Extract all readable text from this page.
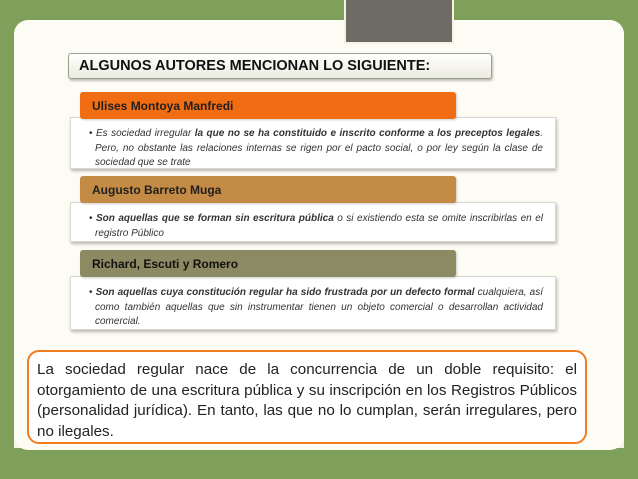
ALGUNOS AUTORES MENCIONAN LO SIGUIENTE:

• Es sociedad irregular la que no se ha constituido e inscrito conforme a los preceptos legales. Pero, no obstante las relaciones internas se rigen por el pacto social, o por ley según la clase de sociedad que se trate

Ulises Montoya Manfredi

• Son aquellas que se forman sin escritura pública o si existiendo esta se omite inscribirlas en el registro Público

Augusto Barreto Muga

• Son aquellas cuya constitución regular ha sido frustrada por un defecto formal cualquiera, así como también aquellas que sin instrumentar tienen un objeto comercial o desarrollan actividad comercial.

Richard, Escuti y Romero
La sociedad regular nace de la concurrencia de un doble requisito: el otorgamiento de una escritura pública y su inscripción en los Registros Públicos (personalidad jurídica). En tanto, las que no lo cumplan, serán irregulares, pero no ilegales.
